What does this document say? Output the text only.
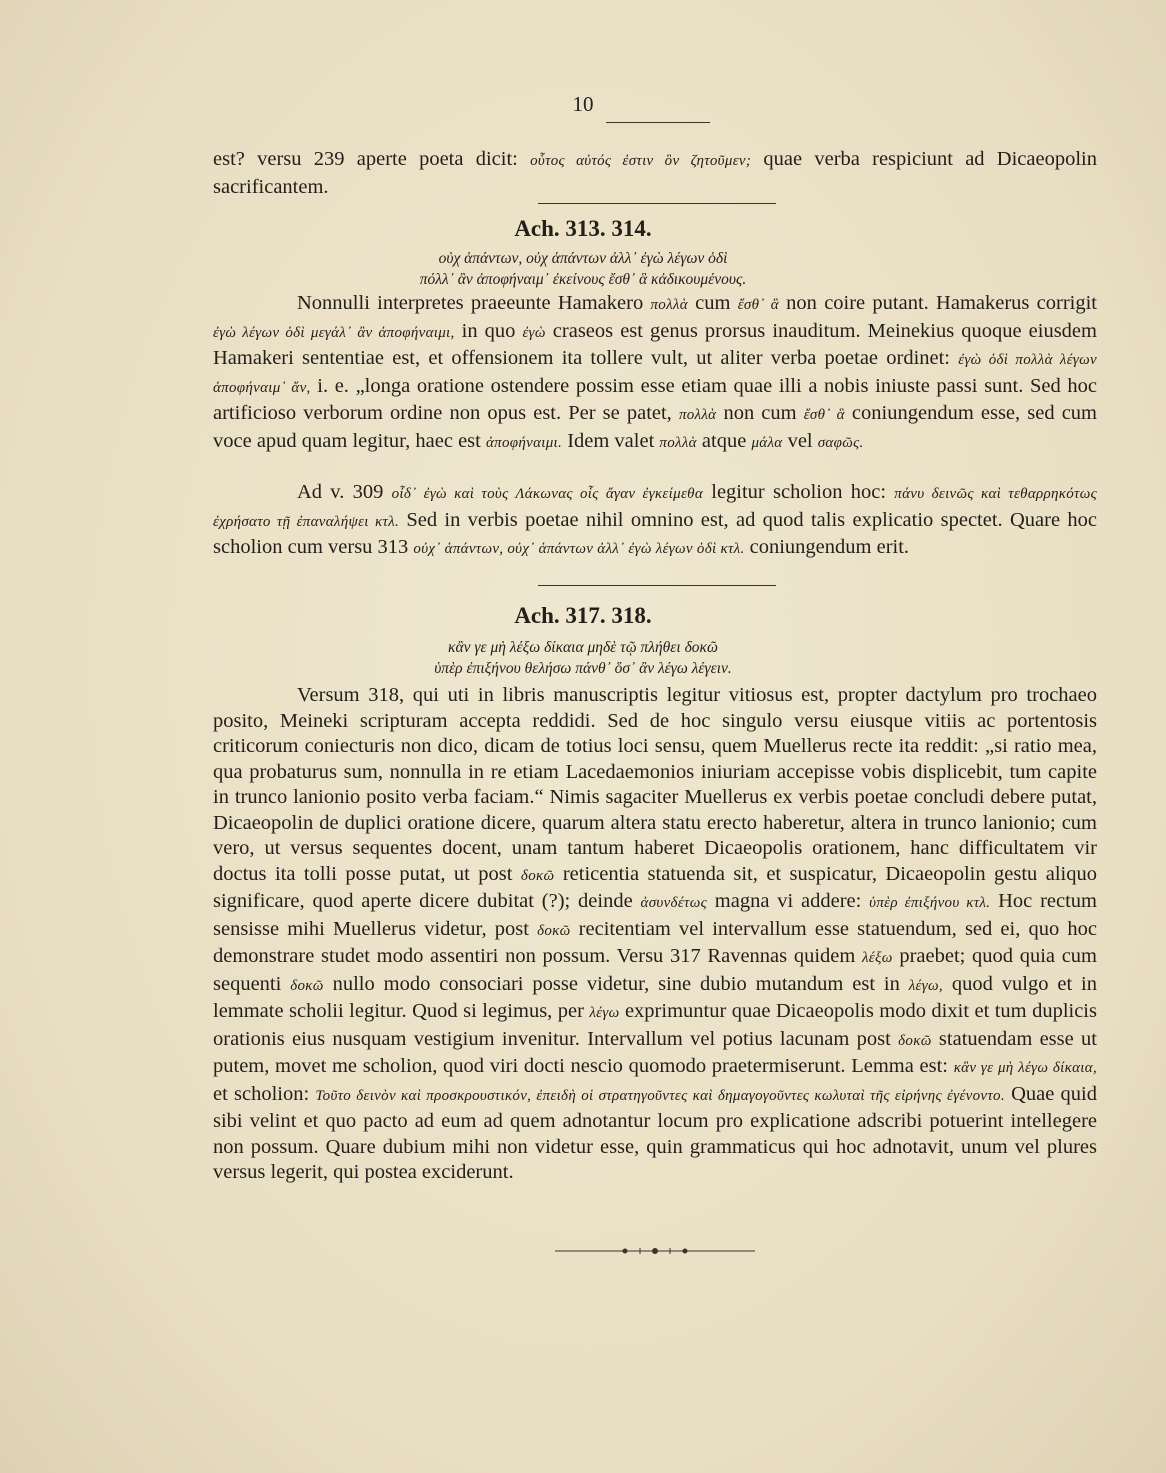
10
est? versu 239 aperte poeta dicit: οὗτος αὐτός ἐστιν ὃν ζητοῦμεν; quae verba respiciunt ad Dicaeopolin sacrificantem.
Ach. 313. 314.
οὐχ ἁπάντων, οὐχ ἁπάντων ἀλλ᾽ ἐγὼ λέγων ὁδὶ
πόλλ᾽ ἂν ἀποφήναιμ᾽ ἐκείνους ἔσθ᾽ ἃ κἀδικουμένους.
Nonnulli interpretes praeeunte Hamakero πολλὰ cum ἔσθ᾽ ἃ non coire putant. Hamakerus corrigit ἐγὼ λέγων ὁδὶ μεγάλ᾽ ἂν ἀποφήναιμι, in quo ἐγὼ craseos est genus prorsus inauditum. Meinekius quoque eiusdem Hamakeri sententiae est, et offensionem ita tollere vult, ut aliter verba poetae ordinet: ἐγὼ ὁδὶ πολλὰ λέγων ἀποφήναιμ᾽ ἄν, i. e. „longa oratione ostendere possim esse etiam quae illi a nobis iniuste passi sunt. Sed hoc artificioso verborum ordine non opus est. Per se patet, πολλὰ non cum ἔσθ᾽ ἃ coniungendum esse, sed cum voce apud quam legitur, haec est ἀποφήναιμι. Idem valet πολλὰ atque μάλα vel σαφῶς.
Ad v. 309 οἶδ᾽ ἐγὼ καὶ τοὺς Λάκωνας οἷς ἄγαν ἐγκείμεθα legitur scholion hoc: πάνυ δεινῶς καὶ τεθαρρηκότως ἐχρήσατο τῇ ἐπαναλήψει κτλ. Sed in verbis poetae nihil omnino est, ad quod talis explicatio spectet. Quare hoc scholion cum versu 313 οὐχ᾽ ἁπάντων, οὐχ᾽ ἁπάντων ἀλλ᾽ ἐγὼ λέγων ὁδὶ κτλ. coniungendum erit.
Ach. 317. 318.
κἂν γε μὴ λέξω δίκαια μηδὲ τῷ πλήθει δοκῶ
ὑπὲρ ἐπιξήνου θελήσω πάνθ᾽ ὅσ᾽ ἂν λέγω λέγειν.
Versum 318, qui uti in libris manuscriptis legitur vitiosus est, propter dactylum pro trochaeo posito, Meineki scripturam accepta reddidi. Sed de hoc singulo versu eiusque vitiis ac portentosis criticorum coniecturis non dico, dicam de totius loci sensu, quem Muellerus recte ita reddit: „si ratio mea, qua probaturus sum, nonnulla in re etiam Lacedaemonios iniuriam accepisse vobis displicebit, tum capite in trunco lanionio posito verba faciam.“ Nimis sagaciter Muellerus ex verbis poetae concludi debere putat, Dicaeopolin de duplici oratione dicere, quarum altera statu erecto haberetur, altera in trunco lanionio; cum vero, ut versus sequentes docent, unam tantum haberet Dicaeopolis orationem, hanc difficultatem vir doctus ita tolli posse putat, ut post δοκῶ reticentia statuenda sit, et suspicatur, Dicaeopolin gestu aliquo significare, quod aperte dicere dubitat (?); deinde ἀσυνδέτως magna vi addere: ὑπὲρ ἐπιξήνου κτλ. Hoc rectum sensisse mihi Muellerus videtur, post δοκῶ recitentiam vel intervallum esse statuendum, sed ei, quo hoc demonstrare studet modo assentiri non possum. Versu 317 Ravennas quidem λέξω praebet; quod quia cum sequenti δοκῶ nullo modo consociari posse videtur, sine dubio mutandum est in λέγω, quod vulgo et in lemmate scholii legitur. Quod si legimus, per λέγω exprimuntur quae Dicaeopolis modo dixit et tum duplicis orationis eius nusquam vestigium invenitur. Intervallum vel potius lacunam post δοκῶ statuendam esse ut putem, movet me scholion, quod viri docti nescio quomodo praetermiserunt. Lemma est: κἂν γε μὴ λέγω δίκαια, et scholion: Τοῦτο δεινὸν καὶ προσκρουστικόν, ἐπειδὴ οἱ στρατηγοῦντες καὶ δημαγογοῦντες κωλυταὶ τῆς εἰρήνης ἐγένοντο. Quae quid sibi velint et quo pacto ad eum ad quem adnotantur locum pro explicatione adscribi potuerint intellegere non possum. Quare dubium mihi non videtur esse, quin grammaticus qui hoc adnotavit, unum vel plures versus legerit, qui postea exciderunt.
